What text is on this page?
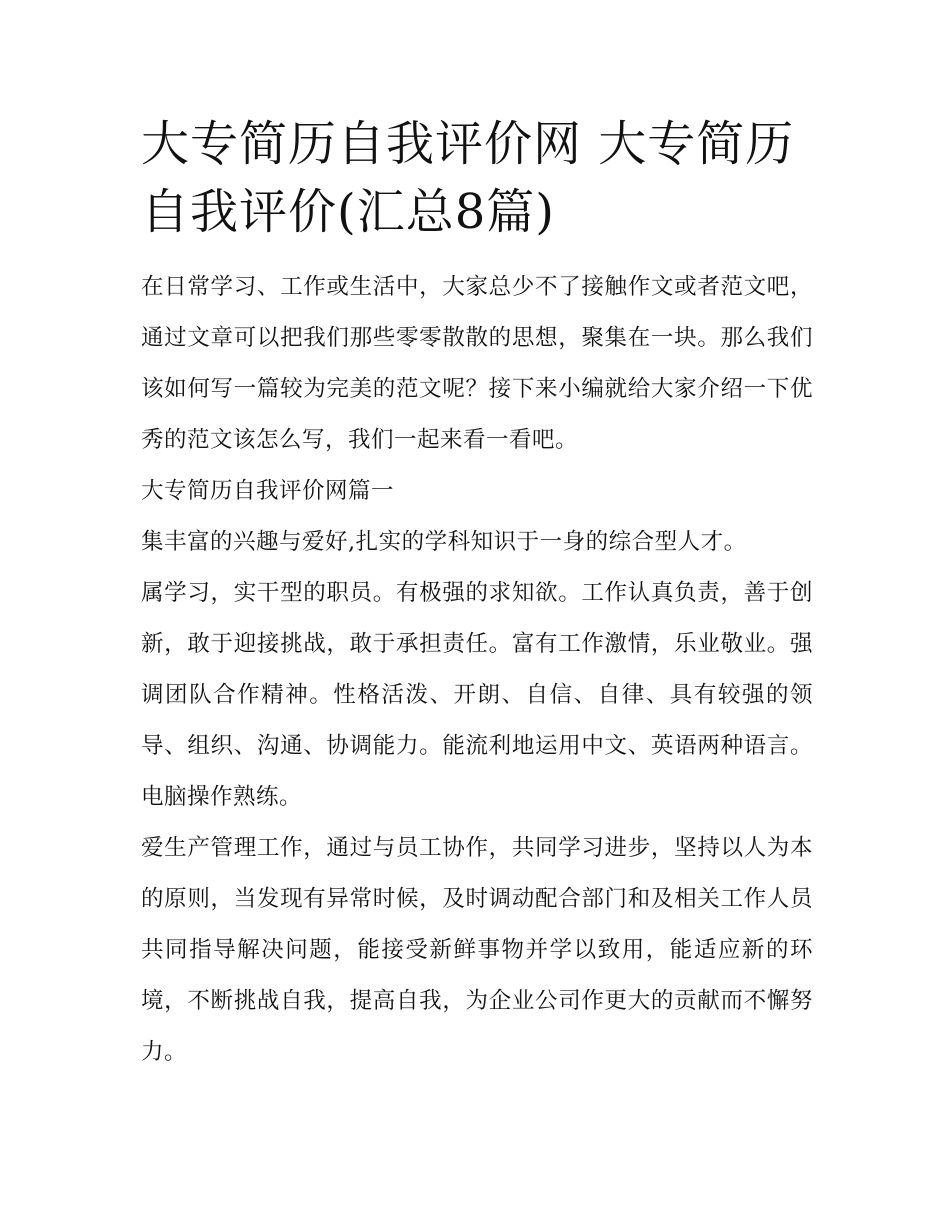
大专简历自我评价网 大专简历自我评价(汇总8篇)

在日常学习、工作或生活中，大家总少不了接触作文或者范文吧，通过文章可以把我们那些零零散散的思想，聚集在一块。那么我们该如何写一篇较为完美的范文呢？接下来小编就给大家介绍一下优秀的范文该怎么写，我们一起来看一看吧。

大专简历自我评价网篇一

集丰富的兴趣与爱好,扎实的学科知识于一身的综合型人才。

属学习，实干型的职员。有极强的求知欲。工作认真负责，善于创新，敢于迎接挑战，敢于承担责任。富有工作激情，乐业敬业。强调团队合作精神。性格活泼、开朗、自信、自律、具有较强的领导、组织、沟通、协调能力。能流利地运用中文、英语两种语言。电脑操作熟练。

爱生产管理工作，通过与员工协作，共同学习进步，坚持以人为本的原则，当发现有异常时候，及时调动配合部门和及相关工作人员共同指导解决问题，能接受新鲜事物并学以致用，能适应新的环境，不断挑战自我，提高自我，为企业公司作更大的贡献而不懈努力。
